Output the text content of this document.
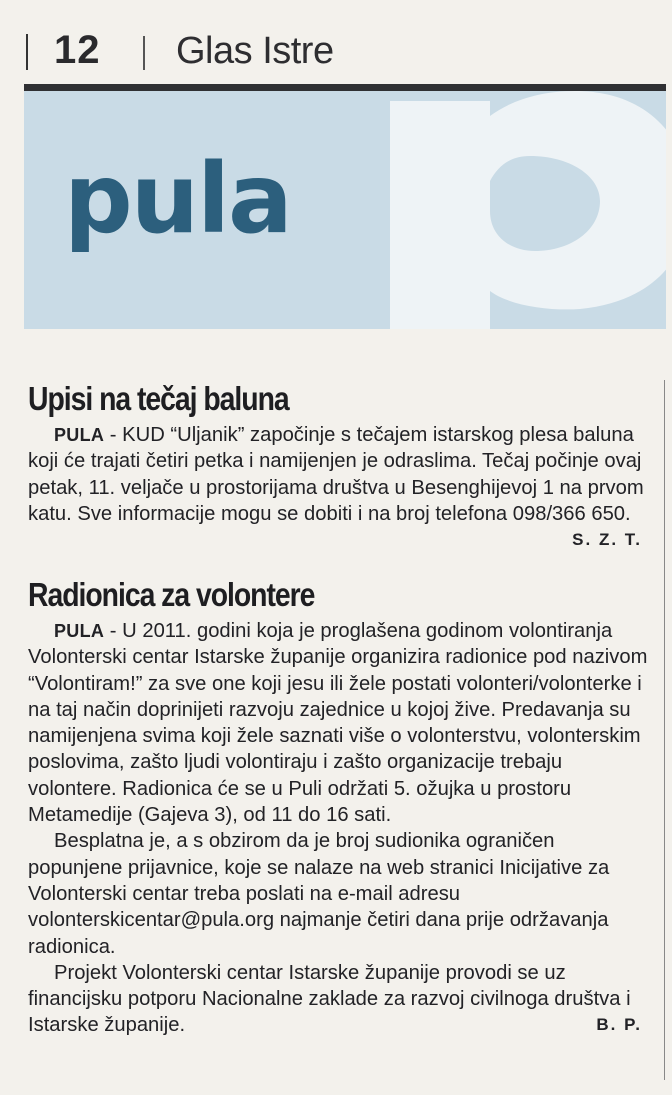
12 Glas Istre
pula
Upisi na tečaj baluna

PULA - KUD “Uljanik” započinje s tečajem istarskog plesa baluna koji će trajati četiri petka i namijenjen je odraslima. Tečaj počinje ovaj petak, 11. veljače u prostorijama društva u Besenghijevoj 1 na prvom katu. Sve informacije mogu se dobiti i na broj telefona 098/366 650.
S. Z. T.

Radionica za volontere

PULA - U 2011. godini koja je proglašena godinom volontiranja Volonterski centar Istarske županije organizira radionice pod nazivom “Volontiram!” za sve one koji jesu ili žele postati volonteri/volonterke i na taj način doprinijeti razvoju zajednice u kojoj žive. Predavanja su namijenjena svima koji žele saznati više o volonterstvu, volonterskim poslovima, zašto ljudi volontiraju i zašto organizacije trebaju volontere. Radionica će se u Puli održati 5. ožujka u prostoru Metamedije (Gajeva 3), od 11 do 16 sati.

Besplatna je, a s obzirom da je broj sudionika ograničen popunjene prijavnice, koje se nalaze na web stranici Inicijative za Volonterski centar treba poslati na e-mail adresu volonterskicentar@pula.org najmanje četiri dana prije održavanja radionica.

Projekt Volonterski centar Istarske županije provodi se uz financijsku potporu Nacionalne zaklade za razvoj civilnoga društva i Istarske županije.	B. P.
